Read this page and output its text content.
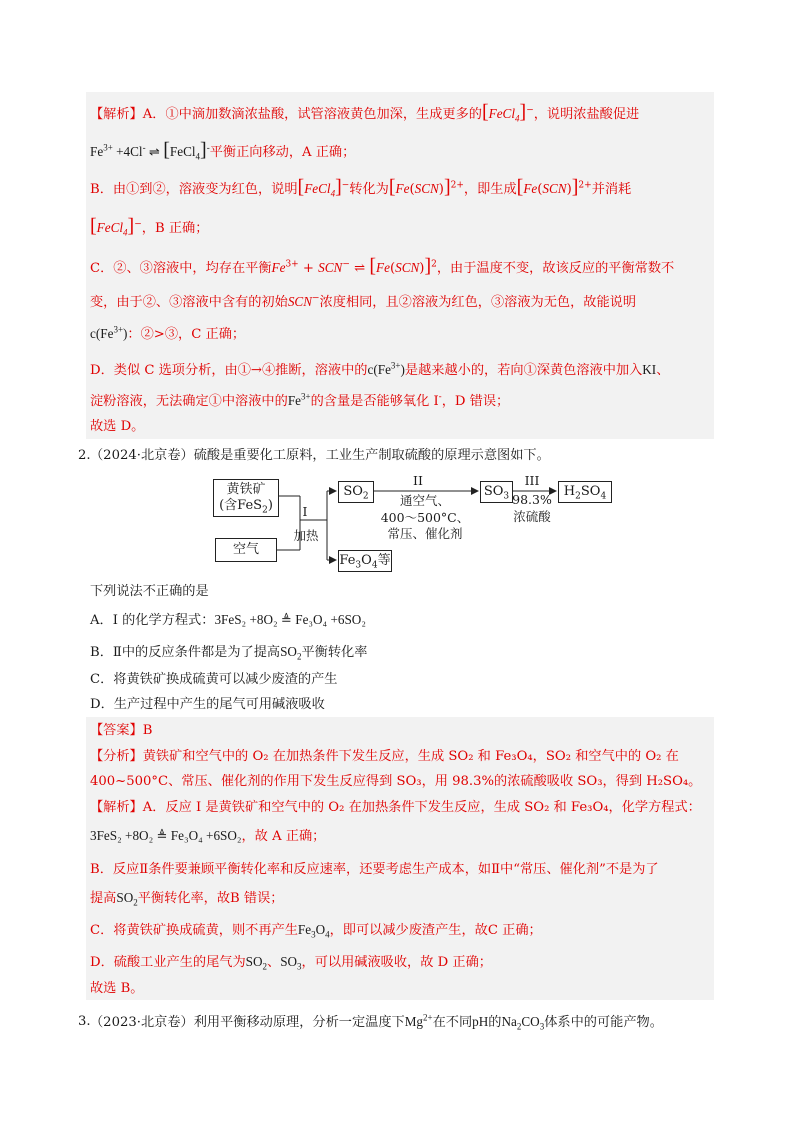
【解析】A．①中滴加数滴浓盐酸，试管溶液黄色加深，生成更多的[FeCl$_4$]−，说明浓盐酸促进
$Fe^{3+} +4Cl^-$ ⇌ [FeCl$_4$]-平衡正向移动，A 正确；
B．由①到②，溶液变为红色，说明[FeCl$_4$]−转化为$[Fe(SCN)]^{2+}$，即生成$[Fe(SCN)]^{2+}$并消耗
[FeCl$_4$]−，B 正确；
C．②、③溶液中，均存在平衡$Fe^{3+} + SCN^-$ ⇌ $[Fe(SCN)]^2$，由于温度不变，故该反应的平衡常数不
变，由于②、③溶液中含有的初始SCN−浓度相同，且②溶液为红色，③溶液为无色，故能说明
$c(Fe^{3+})$：②>③，C 正确；
D．类似 C 选项分析，由①→④推断，溶液中的$c(Fe^{3+})$是越来越小的，若向①深黄色溶液中加入KI、
淀粉溶液，无法确定①中溶液中的$Fe^{3+}$的含量是否能够氧化 I-，D 错误；
故选 D。
2. （2024·北京卷）硫酸是重要化工原料，工业生产制取硫酸的原理示意图如下。
黄铁矿
(含FeS$_2$)
空气
I
加热
$SO_2$
$Fe_3O_4$等
II
通空气、
400～500°C、
常压、催化剂
$SO_3$
III
98.3%
浓硫酸
$H_2SO_4$
下列说法不正确的是
A．I 的化学方程式：3FeS₂ +8O₂ ≜ Fe₃O₄ +6SO₂
B．Ⅱ中的反应条件都是为了提高$SO_2$平衡转化率
C．将黄铁矿换成硫黄可以减少废渣的产生
D．生产过程中产生的尾气可用碱液吸收
【答案】B
【分析】黄铁矿和空气中的 O₂ 在加热条件下发生反应，生成 SO₂ 和 Fe₃O₄，SO₂ 和空气中的 O₂ 在
400~500°C、常压、催化剂的作用下发生反应得到 SO₃，用 98.3%的浓硫酸吸收 SO₃，得到 H₂SO₄。
【解析】A．反应 I 是黄铁矿和空气中的 O₂ 在加热条件下发生反应，生成 SO₂ 和 Fe₃O₄，化学方程式：
3FeS₂ +8O₂ ≜ Fe₃O₄ +6SO₂，故 A 正确；
B．反应Ⅱ条件要兼顾平衡转化率和反应速率，还要考虑生产成本，如Ⅱ中“常压、催化剂”不是为了
提高$SO_2$平衡转化率，故B 错误；
C．将黄铁矿换成硫黄，则不再产生$Fe_3O_4$，即可以减少废渣产生，故C 正确；
D．硫酸工业产生的尾气为$SO_2$、$SO_3$，可以用碱液吸收，故 D 正确；
故选 B。
3. （2023·北京卷）利用平衡移动原理，分析一定温度下$Mg^{2+}$在不同pH的$Na_2CO_3$体系中的可能产物。
